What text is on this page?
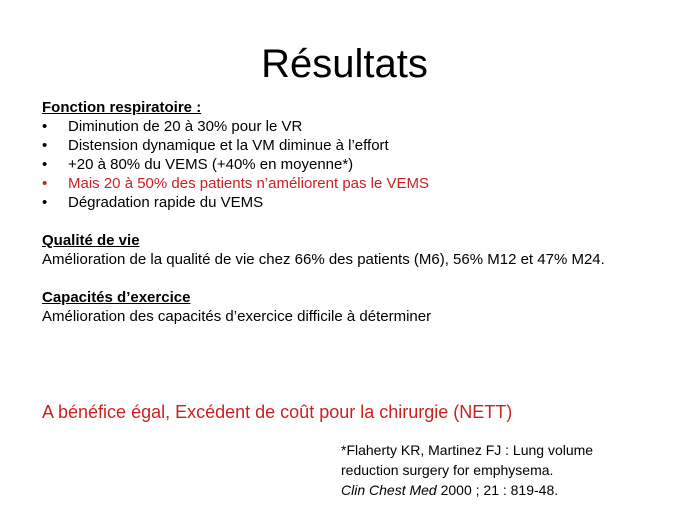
Résultats

Fonction respiratoire :

•	Diminution de 20 à 30% pour le VR
•	Distension dynamique et la VM diminue à l’effort
•	+20 à 80% du VEMS (+40% en moyenne*)
•	Mais 20 à 50% des patients n’améliorent pas le VEMS
•	Dégradation rapide du VEMS

Qualité de vie

Amélioration de la qualité de vie chez 66% des patients (M6), 56% M12 et 47% M24.

Capacités d’exercice

Amélioration des capacités d’exercice difficile à déterminer

A bénéfice égal, Excédent de coût pour la chirurgie (NETT)

*Flaherty KR, Martinez FJ : Lung volume
reduction surgery for emphysema.
Clin Chest Med 2000 ; 21 : 819-48.
